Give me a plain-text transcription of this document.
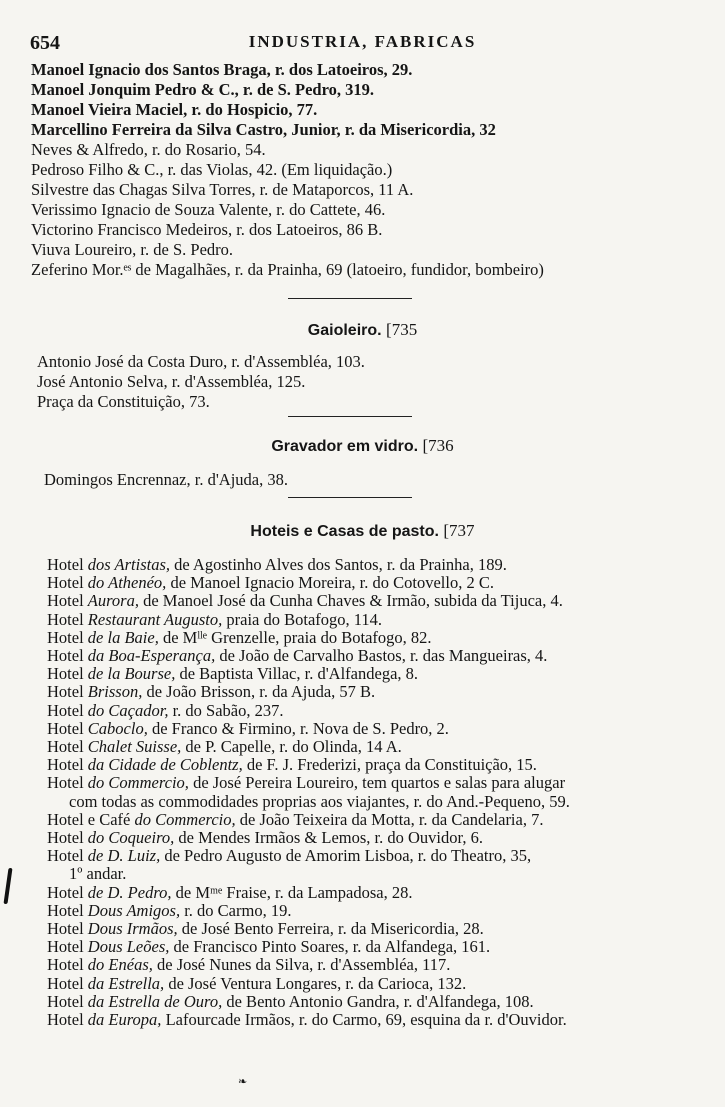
654	INDUSTRIA, FABRICAS
Manoel Ignacio dos Santos Braga, r. dos Latoeiros, 29.
Manoel Jonquim Pedro & C., r. de S. Pedro, 319.
Manoel Vieira Maciel, r. do Hospicio, 77.
Marcellino Ferreira da Silva Castro, Junior, r. da Misericordia, 32
Neves & Alfredo, r. do Rosario, 54.
Pedroso Filho & C., r. das Violas, 42. (Em liquidação.)
Silvestre das Chagas Silva Torres, r. de Mataporcos, 11 A.
Verissimo Ignacio de Souza Valente, r. do Cattete, 46.
Victorino Francisco Medeiros, r. dos Latoeiros, 86 B.
Viuva Loureiro, r. de S. Pedro.
Zeferino Mor.ᵉˢ de Magalhães, r. da Prainha, 69 (latoeiro, fundidor, bombeiro)
Gaioleiro. [735
Antonio José da Costa Duro, r. d'Assembléa, 103.
José Antonio Selva, r. d'Assembléa, 125.
Praça da Constituição, 73.
Gravador em vidro. [736
Domingos Encrennaz, r. d'Ajuda, 38.
Hoteis e Casas de pasto. [737
Hotel dos Artistas, de Agostinho Alves dos Santos, r. da Prainha, 189.
Hotel do Athenéo, de Manoel Ignacio Moreira, r. do Cotovello, 2 C.
Hotel Aurora, de Manoel José da Cunha Chaves & Irmão, subida da Tijuca, 4.
Hotel Restaurant Augusto, praia do Botafogo, 114.
Hotel de la Baie, de Mˡˡᵉ Grenzelle, praia do Botafogo, 82.
Hotel da Boa-Esperança, de João de Carvalho Bastos, r. das Mangueiras, 4.
Hotel de la Bourse, de Baptista Villac, r. d'Alfandega, 8.
Hotel Brisson, de João Brisson, r. da Ajuda, 57 B.
Hotel do Caçador, r. do Sabão, 237.
Hotel Caboclo, de Franco & Firmino, r. Nova de S. Pedro, 2.
Hotel Chalet Suisse, de P. Capelle, r. do Olinda, 14 A.
Hotel da Cidade de Coblentz, de F. J. Frederizi, praça da Constituição, 15.
Hotel do Commercio, de José Pereira Loureiro, tem quartos e salas para alugar
com todas as commodidades proprias aos viajantes, r. do And.-Pequeno, 59.
Hotel e Café do Commercio, de João Teixeira da Motta, r. da Candelaria, 7.
Hotel do Coqueiro, de Mendes Irmãos & Lemos, r. do Ouvidor, 6.
Hotel de D. Luiz, de Pedro Augusto de Amorim Lisboa, r. do Theatro, 35,
1º andar.
Hotel de D. Pedro, de Mᵐᵉ Fraise, r. da Lampadosa, 28.
Hotel Dous Amigos, r. do Carmo, 19.
Hotel Dous Irmãos, de José Bento Ferreira, r. da Misericordia, 28.
Hotel Dous Leões, de Francisco Pinto Soares, r. da Alfandega, 161.
Hotel do Enéas, de José Nunes da Silva, r. d'Assembléa, 117.
Hotel da Estrella, de José Ventura Longares, r. da Carioca, 132.
Hotel da Estrella de Ouro, de Bento Antonio Gandra, r. d'Alfandega, 108.
Hotel da Europa, Lafourcade Irmãos, r. do Carmo, 69, esquina da r. d'Ouvidor.
❧
